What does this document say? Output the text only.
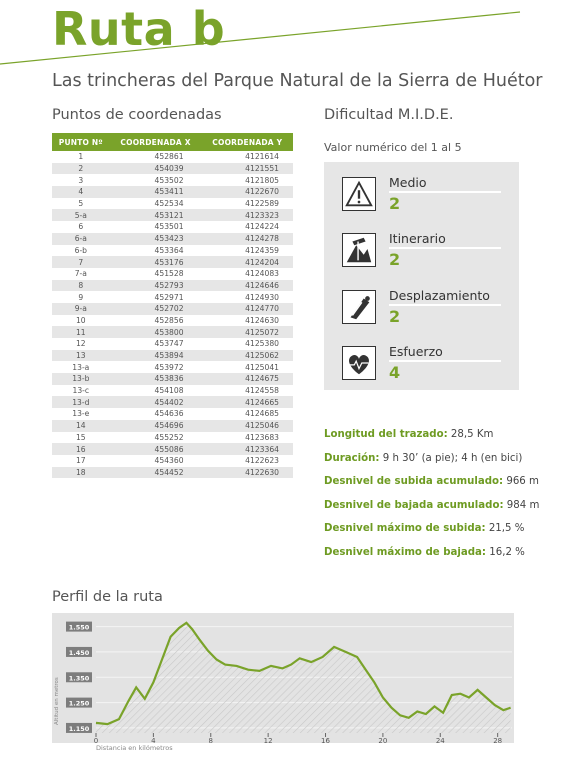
Ruta b
Las trincheras del Parque Natural de la Sierra de Huétor
Puntos de coordenadas
PUNTO Nº	COORDENADA X	COORDENADA Y
1	452861	4121614
2	454039	4121551
3	453502	4121805
4	453411	4122670
5	452534	4122589
5-a	453121	4123323
6	453501	4124224
6-a	453423	4124278
6-b	453364	4124359
7	453176	4124204
7-a	451528	4124083
8	452793	4124646
9	452971	4124930
9-a	452702	4124770
10	452856	4124630
11	453800	4125072
12	453747	4125380
13	453894	4125062
13-a	453972	4125041
13-b	453836	4124675
13-c	454108	4124558
13-d	454402	4124665
13-e	454636	4124685
14	454696	4125046
15	455252	4123683
16	455086	4123364
17	454360	4122623
18	454452	4122630
Dificultad M.I.D.E.
Valor numérico del 1 al 5
Medio
2
Itinerario
2
Desplazamiento
2
Esfuerzo
4
Longitud del trazado: 28,5 Km
Duración: 9 h 30’ (a pie); 4 h (en bici)
Desnivel de subida acumulado: 966 m
Desnivel de bajada acumulado: 984 m
Desnivel máximo de subida: 21,5 %
Desnivel máximo de bajada: 16,2 %
Perfil de la ruta
1.150
1.250
1.350
1.450
1.550
0	4	8	12	16	20	24	28
Altitud en metros
Distancia en kilómetros
